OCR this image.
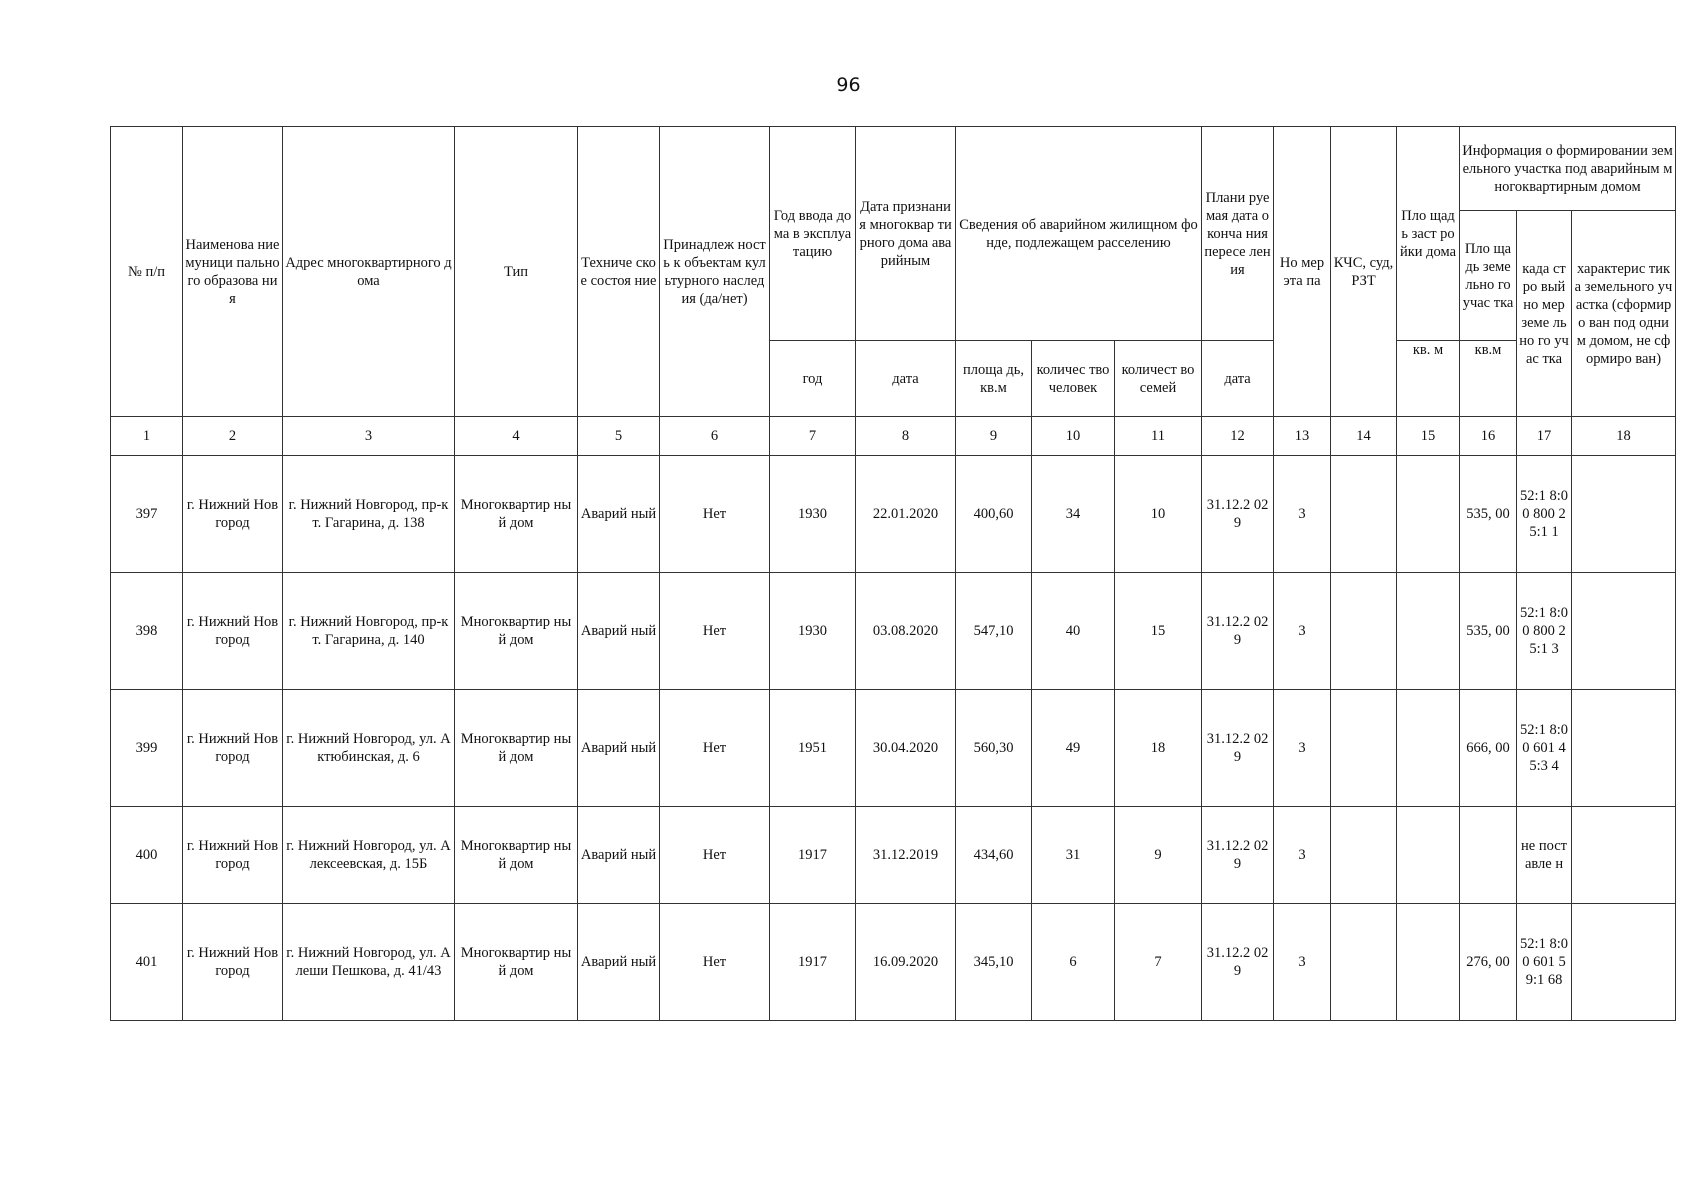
96
№ п/п	Наименова ние муници пального образова ния	Адрес многоквартирного дома	Тип	Техниче ское состоя ние	Принадлеж ность к объектам культурного наследия (да/нет)	Год ввода дома в эксплуа тацию	Дата признания многоквар тирного дома аварийным	Сведения об аварийном жилищном фонде, подлежащем расселению			Плани руемая дата оконча ния пересе ления	Но мер эта па	КЧС, суд, РЗТ	Пло щадь заст ройки дома	Информация о формировании земельного участка под аварийным многоквартирным домом		
															Пло щадь земе льно го учас тка	када стро вый но мер земе льно го учас тка	характерис тика земельного участка (сформиро ван под одним домом, не сформиро ван)
						год	дата	площа дь, кв.м	количес тво человек	количест во семей	дата			кв. м	кв.м		
1	2	3	4	5	6	7	8	9	10	11	12	13	14	15	16	17	18
397	г. Нижний Новгород	г. Нижний Новгород, пр-кт. Гагарина, д. 138	Многоквартир ный дом	Аварий ный	Нет	1930	22.01.2020	400,60	34	10	31.12.2 029	3			535, 00	52:1 8:00 800 25:1 1	
398	г. Нижний Новгород	г. Нижний Новгород, пр-кт. Гагарина, д. 140	Многоквартир ный дом	Аварий ный	Нет	1930	03.08.2020	547,10	40	15	31.12.2 029	3			535, 00	52:1 8:00 800 25:1 3	
399	г. Нижний Новгород	г. Нижний Новгород, ул. Актюбинская, д. 6	Многоквартир ный дом	Аварий ный	Нет	1951	30.04.2020	560,30	49	18	31.12.2 029	3			666, 00	52:1 8:00 601 45:3 4	
400	г. Нижний Новгород	г. Нижний Новгород, ул. Алексеевская, д. 15Б	Многоквартир ный дом	Аварий ный	Нет	1917	31.12.2019	434,60	31	9	31.12.2 029	3				не пост авле н	
401	г. Нижний Новгород	г. Нижний Новгород, ул. Алеши Пешкова, д. 41/43	Многоквартир ный дом	Аварий ный	Нет	1917	16.09.2020	345,10	6	7	31.12.2 029	3			276, 00	52:1 8:00 601 59:1 68	
